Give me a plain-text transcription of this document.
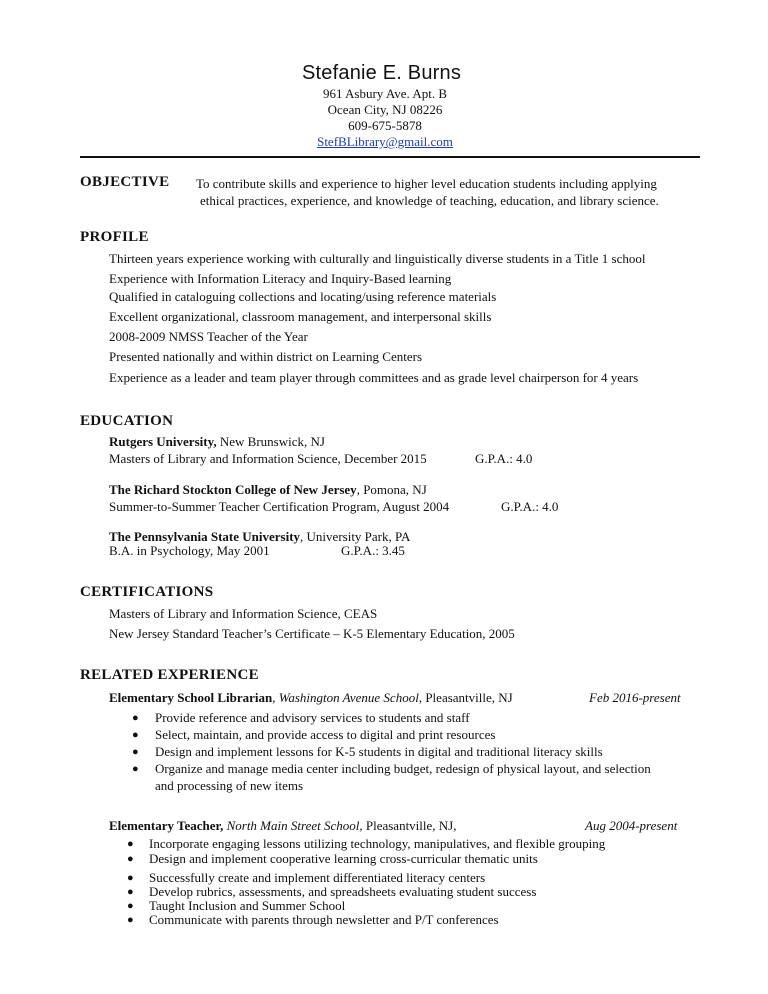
Stefanie E. Burns
961 Asbury Ave. Apt. B
Ocean City, NJ 08226
609-675-5878
StefBLibrary@gmail.com
OBJECTIVE To contribute skills and experience to higher level education students including applying
ethical practices, experience, and knowledge of teaching, education, and library science.
PROFILE
Thirteen years experience working with culturally and linguistically diverse students in a Title 1 school
Experience with Information Literacy and Inquiry-Based learning
Qualified in cataloguing collections and locating/using reference materials
Excellent organizational, classroom management, and interpersonal skills
2008-2009 NMSS Teacher of the Year
Presented nationally and within district on Learning Centers
Experience as a leader and team player through committees and as grade level chairperson for 4 years
EDUCATION
Rutgers University, New Brunswick, NJ
Masters of Library and Information Science, December 2015	G.P.A.: 4.0
The Richard Stockton College of New Jersey, Pomona, NJ
Summer-to-Summer Teacher Certification Program, August 2004	G.P.A.: 4.0
The Pennsylvania State University, University Park, PA
B.A. in Psychology, May 2001	G.P.A.: 3.45
CERTIFICATIONS
Masters of Library and Information Science, CEAS
New Jersey Standard Teacher’s Certificate – K-5 Elementary Education, 2005
RELATED EXPERIENCE
Elementary School Librarian, Washington Avenue School, Pleasantville, NJ	Feb 2016-present
● Provide reference and advisory services to students and staff
● Select, maintain, and provide access to digital and print resources
● Design and implement lessons for K-5 students in digital and traditional literacy skills
● Organize and manage media center including budget, redesign of physical layout, and selection
and processing of new items
Elementary Teacher, North Main Street School, Pleasantville, NJ,	Aug 2004-present
● Incorporate engaging lessons utilizing technology, manipulatives, and flexible grouping
● Design and implement cooperative learning cross-curricular thematic units
● Successfully create and implement differentiated literacy centers
● Develop rubrics, assessments, and spreadsheets evaluating student success
● Taught Inclusion and Summer School
● Communicate with parents through newsletter and P/T conferences
